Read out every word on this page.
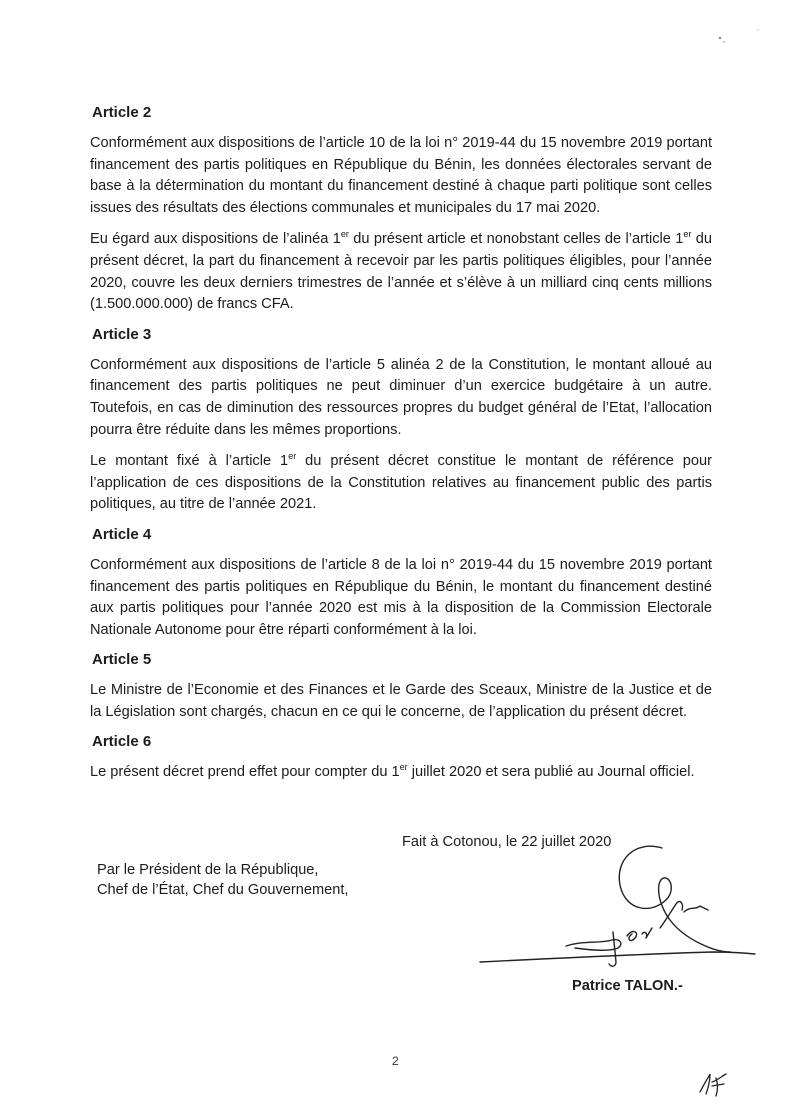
Article 2
Conformément aux dispositions de l’article 10 de la loi n° 2019-44 du 15 novembre 2019 portant financement des partis politiques en République du Bénin, les données électorales servant de base à la détermination du montant du financement destiné à chaque parti politique sont celles issues des résultats des élections communales et municipales du 17 mai 2020.
Eu égard aux dispositions de l’alinéa 1er du présent article et nonobstant celles de l’article 1er du présent décret, la part du financement à recevoir par les partis politiques éligibles, pour l’année 2020, couvre les deux derniers trimestres de l’année et s’élève à un milliard cinq cents millions (1.500.000.000) de francs CFA.
Article 3
Conformément aux dispositions de l’article 5 alinéa 2 de la Constitution, le montant alloué au financement des partis politiques ne peut diminuer d’un exercice budgétaire à un autre. Toutefois, en cas de diminution des ressources propres du budget général de l’Etat, l’allocation pourra être réduite dans les mêmes proportions.
Le montant fixé à l’article 1er du présent décret constitue le montant de référence pour l’application de ces dispositions de la Constitution relatives au financement public des partis politiques, au titre de l’année 2021.
Article 4
Conformément aux dispositions de l’article 8 de la loi n° 2019-44 du 15 novembre 2019 portant financement des partis politiques en République du Bénin, le montant du financement destiné aux partis politiques pour l’année 2020 est mis à la disposition de la Commission Electorale Nationale Autonome pour être réparti conformément à la loi.
Article 5
Le Ministre de l’Economie et des Finances et le Garde des Sceaux, Ministre de la Justice et de la Législation sont chargés, chacun en ce qui le concerne, de l’application du présent décret.
Article 6
Le présent décret prend effet pour compter du 1er juillet 2020 et sera publié au Journal officiel.
Fait à Cotonou, le 22 juillet 2020
Par le Président de la République,
Chef de l’État, Chef du Gouvernement,
Patrice TALON.-
2
